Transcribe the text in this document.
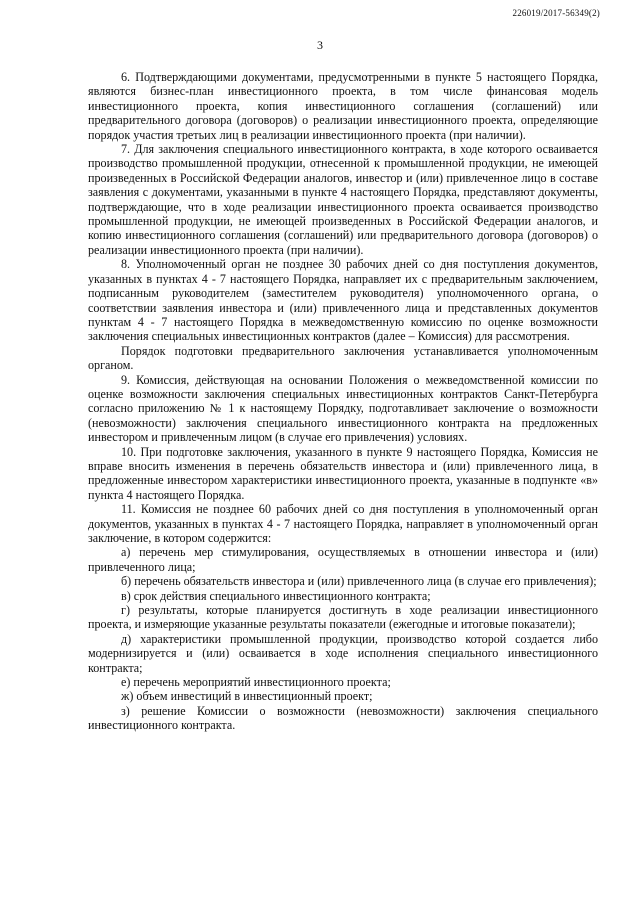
226019/2017-56349(2)
3

6. Подтверждающими документами, предусмотренными в пункте 5 настоящего Порядка, являются бизнес-план инвестиционного проекта, в том числе финансовая модель инвестиционного проекта, копия инвестиционного соглашения (соглашений) или предварительного договора (договоров) о реализации инвестиционного проекта, определяющие порядок участия третьих лиц в реализации инвестиционного проекта (при наличии).

7. Для заключения специального инвестиционного контракта, в ходе которого осваивается производство промышленной продукции, отнесенной к промышленной продукции, не имеющей произведенных в Российской Федерации аналогов, инвестор и (или) привлеченное лицо в составе заявления с документами, указанными в пункте 4 настоящего Порядка, представляют документы, подтверждающие, что в ходе реализации инвестиционного проекта осваивается производство промышленной продукции, не имеющей произведенных в Российской Федерации аналогов, и копию инвестиционного соглашения (соглашений) или предварительного договора (договоров) о реализации инвестиционного проекта (при наличии).

8. Уполномоченный орган не позднее 30 рабочих дней со дня поступления документов, указанных в пунктах 4 - 7 настоящего Порядка, направляет их с предварительным заключением, подписанным руководителем (заместителем руководителя) уполномоченного органа, о соответствии заявления инвестора и (или) привлеченного лица и представленных документов пунктам 4 - 7 настоящего Порядка в межведомственную комиссию по оценке возможности заключения специальных инвестиционных контрактов (далее – Комиссия) для рассмотрения.

Порядок подготовки предварительного заключения устанавливается уполномоченным органом.

9. Комиссия, действующая на основании Положения о межведомственной комиссии по оценке возможности заключения специальных инвестиционных контрактов Санкт-Петербурга согласно приложению № 1 к настоящему Порядку, подготавливает заключение о возможности (невозможности) заключения специального инвестиционного контракта на предложенных инвестором и привлеченным лицом (в случае его привлечения) условиях.

10. При подготовке заключения, указанного в пункте 9 настоящего Порядка, Комиссия не вправе вносить изменения в перечень обязательств инвестора и (или) привлеченного лица, в предложенные инвестором характеристики инвестиционного проекта, указанные в подпункте «в» пункта 4 настоящего Порядка.

11. Комиссия не позднее 60 рабочих дней со дня поступления в уполномоченный орган документов, указанных в пунктах 4 - 7 настоящего Порядка, направляет в уполномоченный орган заключение, в котором содержится:

а) перечень мер стимулирования, осуществляемых в отношении инвестора и (или) привлеченного лица;

б) перечень обязательств инвестора и (или) привлеченного лица (в случае его привлечения);

в) срок действия специального инвестиционного контракта;

г) результаты, которые планируется достигнуть в ходе реализации инвестиционного проекта, и измеряющие указанные результаты показатели (ежегодные и итоговые показатели);

д) характеристики промышленной продукции, производство которой создается либо модернизируется и (или) осваивается в ходе исполнения специального инвестиционного контракта;

е) перечень мероприятий инвестиционного проекта;

ж) объем инвестиций в инвестиционный проект;

з) решение Комиссии о возможности (невозможности) заключения специального инвестиционного контракта.
